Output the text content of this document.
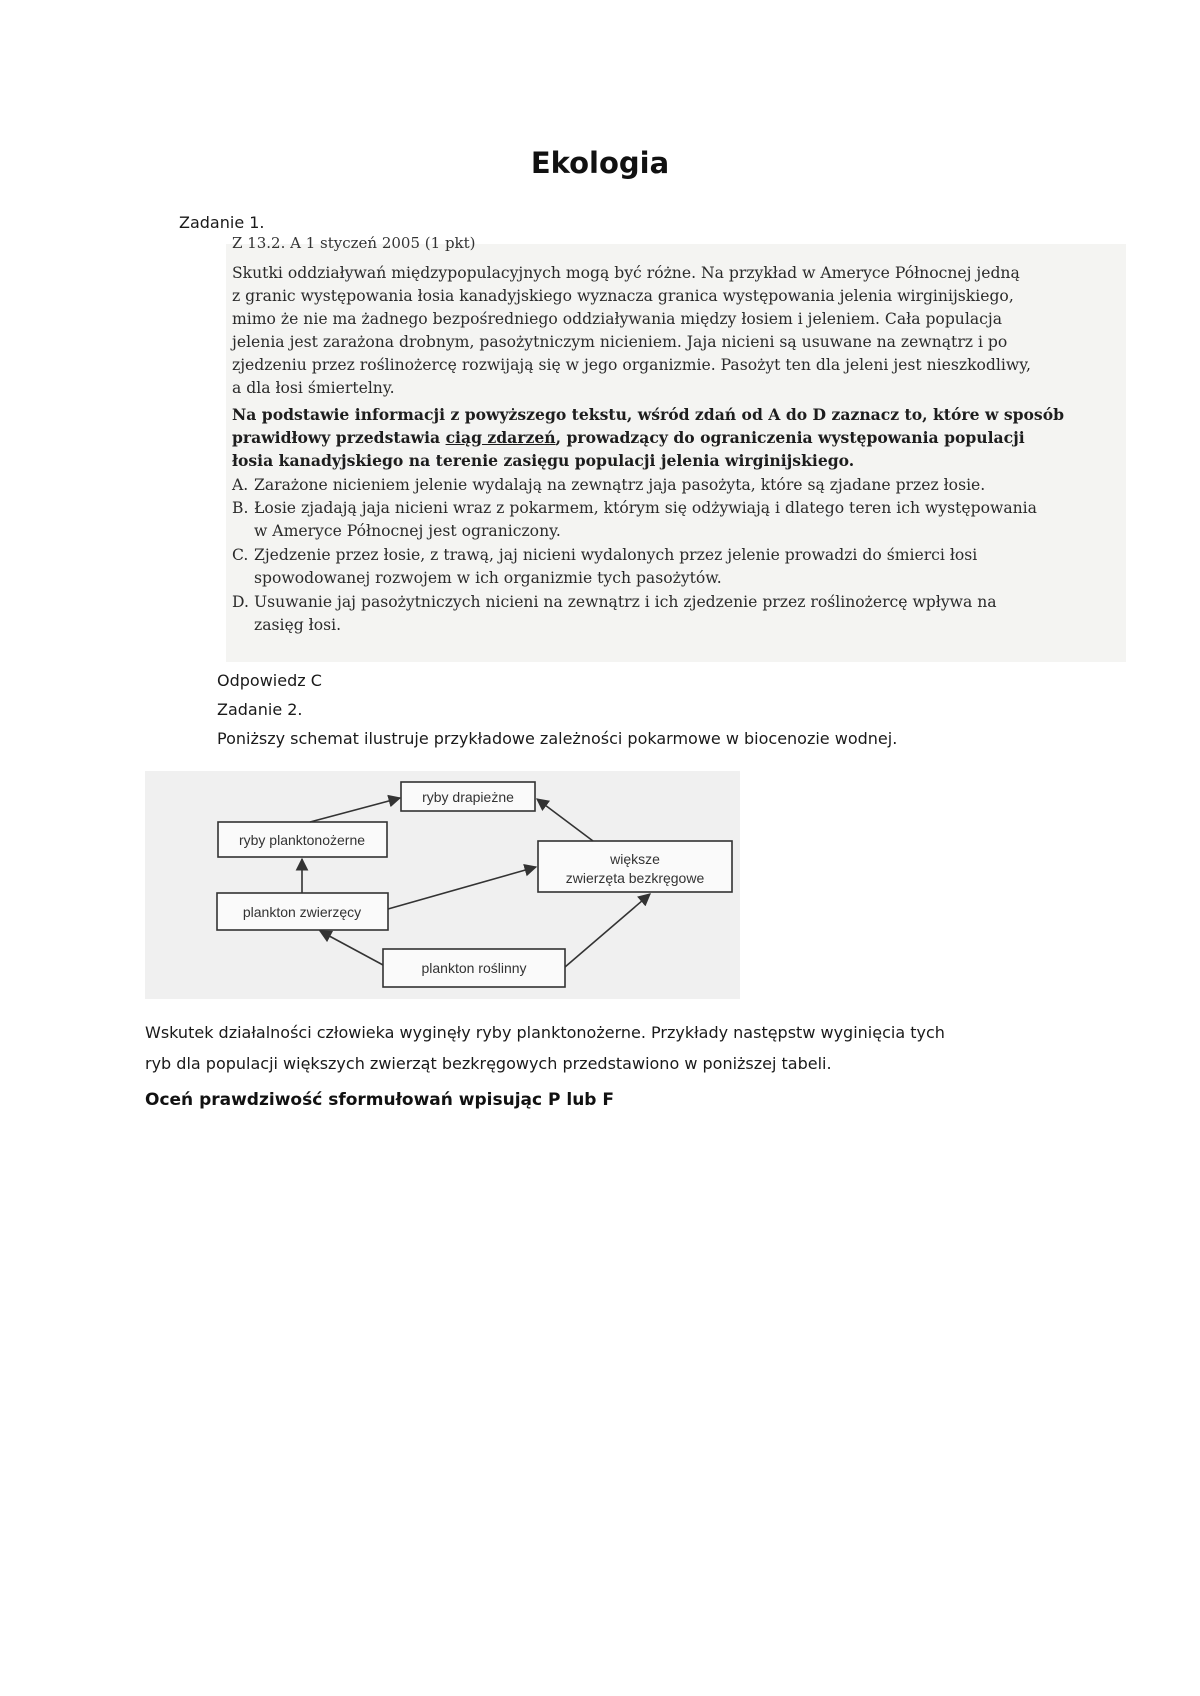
Ekologia
Zadanie 1.
Z 13.2. A 1 styczeń 2005 (1 pkt)

Skutki oddziaływań międzypopulacyjnych mogą być różne. Na przykład w Ameryce Północnej jedną

z granic występowania łosia kanadyjskiego wyznacza granica występowania jelenia wirginijskiego,

mimo że nie ma żadnego bezpośredniego oddziaływania między łosiem i jeleniem. Cała populacja

jelenia jest zarażona drobnym, pasożytniczym nicieniem. Jaja nicieni są usuwane na zewnątrz i po

zjedzeniu przez roślinożercę rozwijają się w jego organizmie. Pasożyt ten dla jeleni jest nieszkodliwy,

a dla łosi śmiertelny.

Na podstawie informacji z powyższego tekstu, wśród zdań od A do D zaznacz to, które w sposób

prawidłowy przedstawia ciąg zdarzeń, prowadzący do ograniczenia występowania populacji

łosia kanadyjskiego na terenie zasięgu populacji jelenia wirginijskiego.

A. Zarażone nicieniem jelenie wydalają na zewnątrz jaja pasożyta, które są zjadane przez łosie.
B. Łosie zjadają jaja nicieni wraz z pokarmem, którym się odżywiają i dlatego teren ich występowania
w Ameryce Północnej jest ograniczony.
C. Zjedzenie przez łosie, z trawą, jaj nicieni wydalonych przez jelenie prowadzi do śmierci łosi
spowodowanej rozwojem w ich organizmie tych pasożytów.
D. Usuwanie jaj pasożytniczych nicieni na zewnątrz i ich zjedzenie przez roślinożercę wpływa na
zasięg łosi.
Odpowiedz C
Zadanie 2.
Poniższy schemat ilustruje przykładowe zależności pokarmowe w biocenozie wodnej.
ryby drapieżne
ryby planktonożerne
większe
zwierzęta bezkręgowe
plankton zwierzęcy
plankton roślinny
Wskutek działalności człowieka wyginęły ryby planktonożerne. Przykłady następstw wyginięcia tych
ryb dla populacji większych zwierząt bezkręgowych przedstawiono w poniższej tabeli.
Oceń prawdziwość sformułowań wpisując P lub F
